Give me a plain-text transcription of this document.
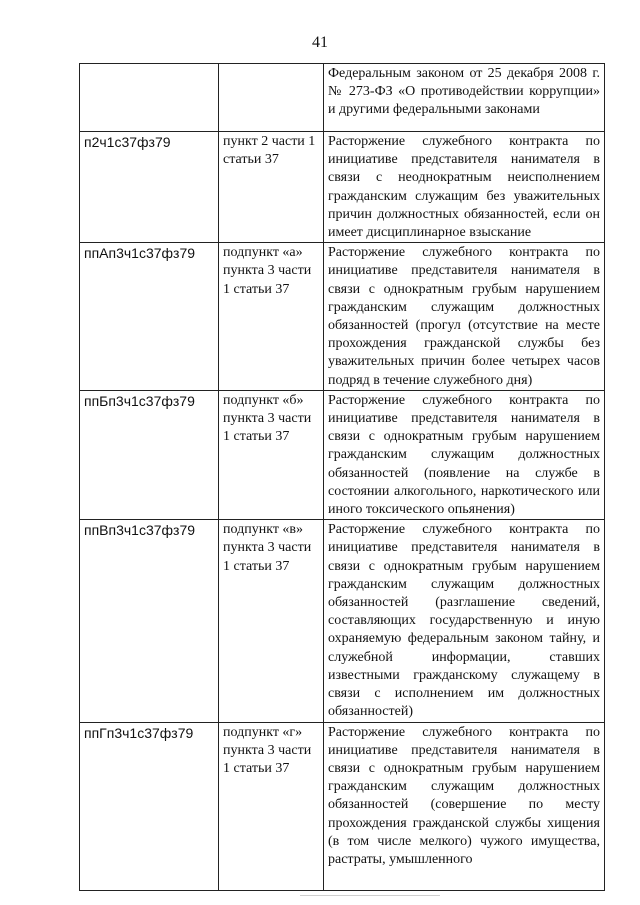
41
		Федеральным законом от 25 декабря 2008 г. № 273-ФЗ «О противодействии коррупции» и другими федеральными законами
п2ч1с37фз79	пункт 2 части 1 статьи 37	Расторжение служебного контракта по инициативе представителя нанимателя в связи с неоднократным неисполнением гражданским служащим без уважительных причин должностных обязанностей, если он имеет дисциплинарное взыскание
ппАп3ч1с37фз79	подпункт «а» пункта 3 части 1 статьи 37	Расторжение служебного контракта по инициативе представителя нанимателя в связи с однократным грубым нарушением гражданским служащим должностных обязанностей (прогул (отсутствие на месте прохождения гражданской службы без уважительных причин более четырех часов подряд в течение служебного дня)
ппБп3ч1с37фз79	подпункт «б» пункта 3 части 1 статьи 37	Расторжение служебного контракта по инициативе представителя нанимателя в связи с однократным грубым нарушением гражданским служащим должностных обязанностей (появление на службе в состоянии алкогольного, наркотического или иного токсического опьянения)
ппВп3ч1с37фз79	подпункт «в» пункта 3 части 1 статьи 37	Расторжение служебного контракта по инициативе представителя нанимателя в связи с однократным грубым нарушением гражданским служащим должностных обязанностей (разглашение сведений, составляющих государственную и иную охраняемую федеральным законом тайну, и служебной информации, ставших известными гражданскому служащему в связи с исполнением им должностных обязанностей)
ппГп3ч1с37фз79	подпункт «г» пункта 3 части 1 статьи 37	Расторжение служебного контракта по инициативе представителя нанимателя в связи с однократным грубым нарушением гражданским служащим должностных обязанностей (совершение по месту прохождения гражданской службы хищения (в том числе мелкого) чужого имущества, растраты, умышленного
